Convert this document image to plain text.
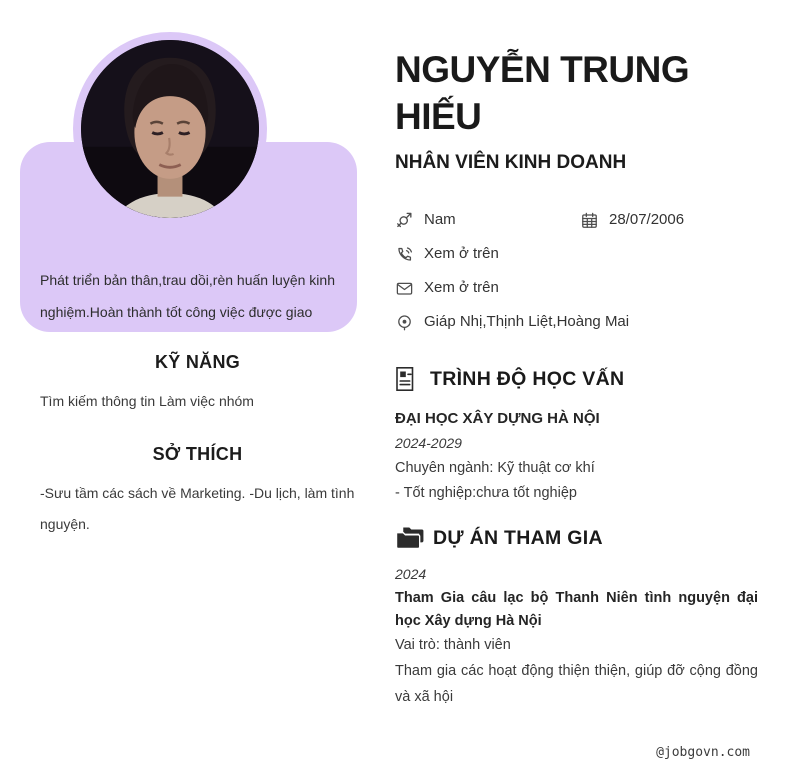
Phát triển bản thân,trau dồi,rèn huấn luyện kinh nghiệm.Hoàn thành tốt công việc được giao

KỸ NĂNG

Tìm kiếm thông tin Làm việc nhóm

SỞ THÍCH

-Sưu tầm các sách về Marketing. -Du lịch, làm tình nguyện.

NGUYỄN TRUNG HIẾU
NHÂN VIÊN KINH DOANH
Nam	28/07/2006
Xem ở trên
Xem ở trên
Giáp Nhị,Thịnh Liệt,Hoàng Mai
TRÌNH ĐỘ HỌC VẤN

ĐẠI HỌC XÂY DỰNG HÀ NỘI

2024-2029

Chuyên ngành: Kỹ thuật cơ khí

- Tốt nghiệp:chưa tốt nghiệp

DỰ ÁN THAM GIA

2024

Tham Gia câu lạc bộ Thanh Niên tình nguyện đại học Xây dựng Hà Nội

Vai trò: thành viên

Tham gia các hoạt động thiện thiện, giúp đỡ cộng đồng và xã hội

@jobgovn.com
